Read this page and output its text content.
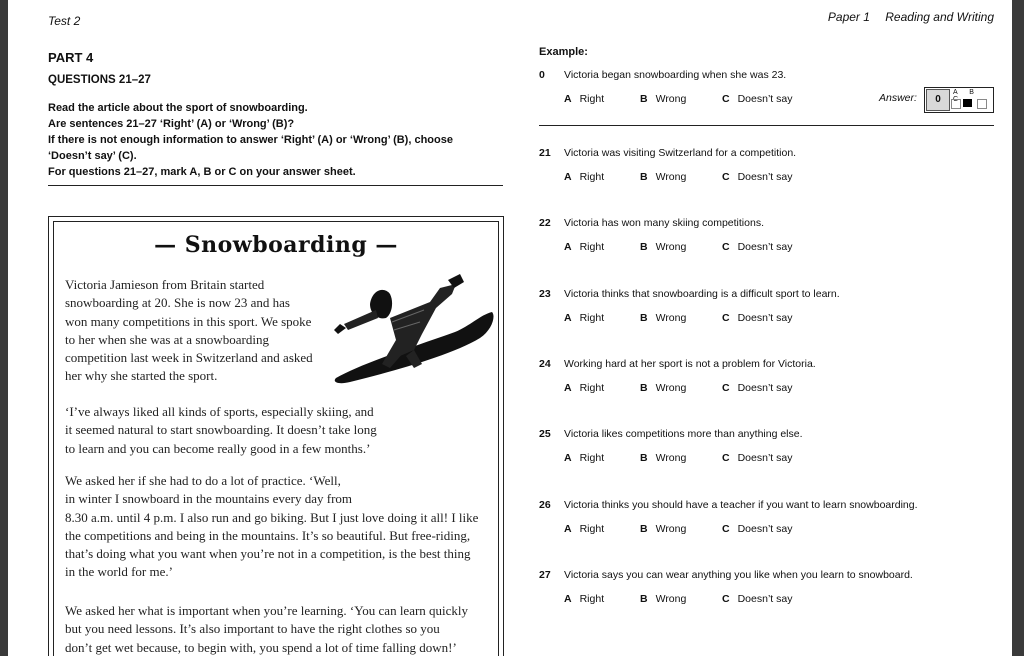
Test 2	Paper 1 Reading and Writing
PART 4
QUESTIONS 21–27
Read the article about the sport of snowboarding.
Are sentences 21–27 ‘Right’ (A) or ‘Wrong’ (B)?
If there is not enough information to answer ‘Right’ (A) or ‘Wrong’ (B), choose
‘Doesn’t say’ (C).
For questions 21–27, mark A, B or C on your answer sheet.
— Snowboarding —

Victoria Jamieson from Britain started

snowboarding at 20. She is now 23 and has

won many competitions in this sport. We spoke

to her when she was at a snowboarding

competition last week in Switzerland and asked

her why she started the sport.

‘I’ve always liked all kinds of sports, especially skiing, and

it seemed natural to start snowboarding. It doesn’t take long

to learn and you can become really good in a few months.’

We asked her if she had to do a lot of practice. ‘Well,

in winter I snowboard in the mountains every day from

8.30 a.m. until 4 p.m. I also run and go biking. But I just love doing it all! I like

the competitions and being in the mountains. It’s so beautiful. But free-riding,

that’s doing what you want when you’re not in a competition, is the best thing

in the world for me.’

We asked her what is important when you’re learning. ‘You can learn quickly

but you need lessons. It’s also important to have the right clothes so you

don’t get wet because, to begin with, you spend a lot of time falling down!’

Example:
0	Victoria began snowboarding when she was 23.
A Right	B Wrong	C Doesn’t say	Answer:	0
A B C
21	Victoria was visiting Switzerland for a competition.
A Right	B Wrong	C Doesn’t say
22	Victoria has won many skiing competitions.
A Right	B Wrong	C Doesn’t say
23	Victoria thinks that snowboarding is a difficult sport to learn.
A Right	B Wrong	C Doesn’t say
24	Working hard at her sport is not a problem for Victoria.
A Right	B Wrong	C Doesn’t say
25	Victoria likes competitions more than anything else.
A Right	B Wrong	C Doesn’t say
26	Victoria thinks you should have a teacher if you want to learn snowboarding.
A Right	B Wrong	C Doesn’t say
27	Victoria says you can wear anything you like when you learn to snowboard.
A Right	B Wrong	C Doesn’t say
